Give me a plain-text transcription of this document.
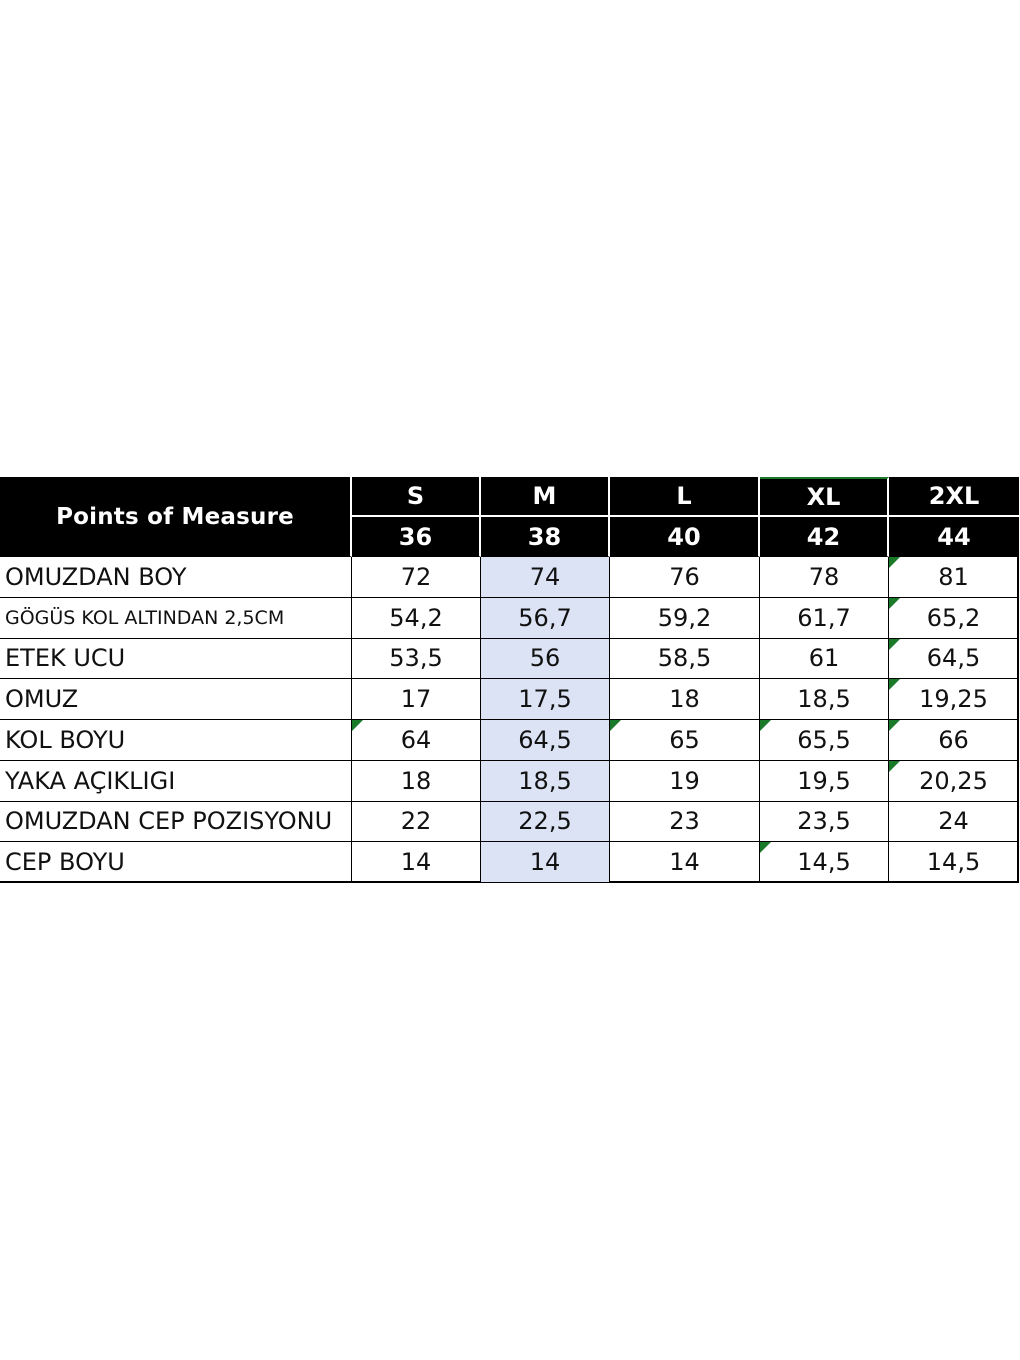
Points of Measure
S	M	L	XL	2XL
36	38	40	42	44
OMUZDAN BOY	72	74	76	78	81
GÖGÜS KOL ALTINDAN 2,5CM	54,2	56,7	59,2	61,7	65,2
ETEK UCU	53,5	56	58,5	61	64,5
OMUZ	17	17,5	18	18,5	19,25
KOL BOYU	64	64,5	65	65,5	66
YAKA AÇIKLIGI	18	18,5	19	19,5	20,25
OMUZDAN CEP POZISYONU	22	22,5	23	23,5	24
CEP BOYU	14	14	14	14,5	14,5
